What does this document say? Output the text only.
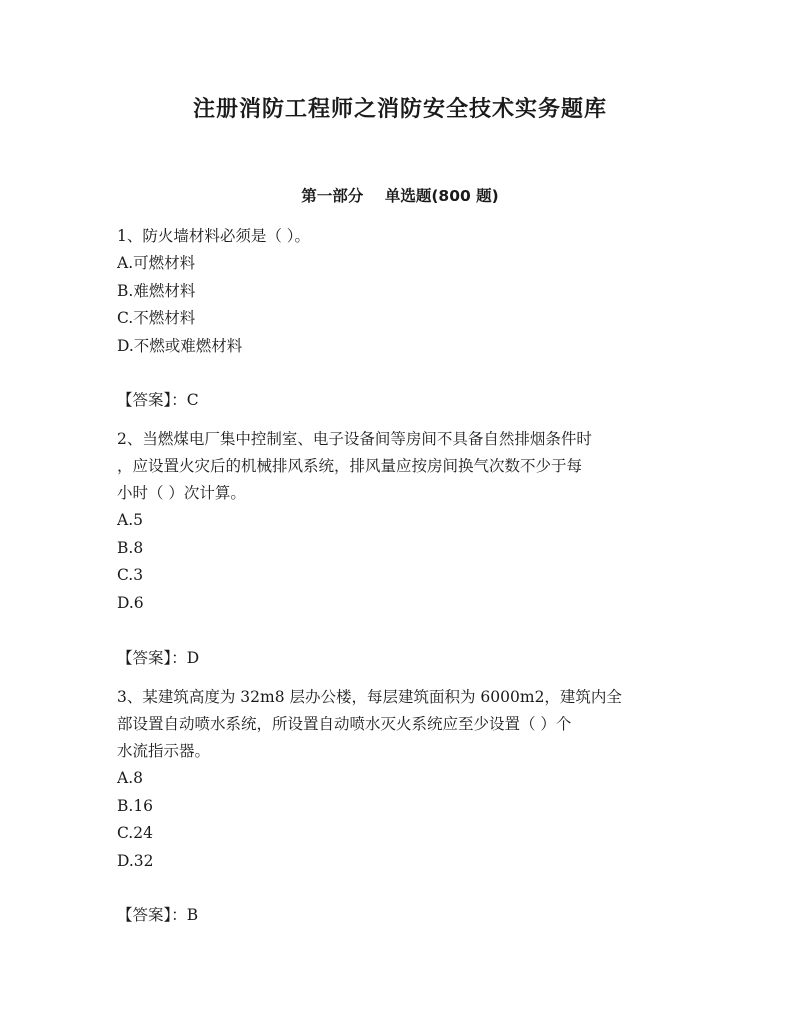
注册消防工程师之消防安全技术实务题库
第一部分    单选题(800 题)
1、防火墙材料必须是（ ）。
A.可燃材料
B.难燃材料
C.不燃材料
D.不燃或难燃材料
【答案】：C
2、当燃煤电厂集中控制室、电子设备间等房间不具备自然排烟条件时
，应设置火灾后的机械排风系统，排风量应按房间换气次数不少于每
小时（ ）次计算。
A.5
B.8
C.3
D.6
【答案】：D
3、某建筑高度为 32m8 层办公楼，每层建筑面积为 6000m2，建筑内全
部设置自动喷水系统，所设置自动喷水灭火系统应至少设置（ ）个
水流指示器。
A.8
B.16
C.24
D.32
【答案】：B
